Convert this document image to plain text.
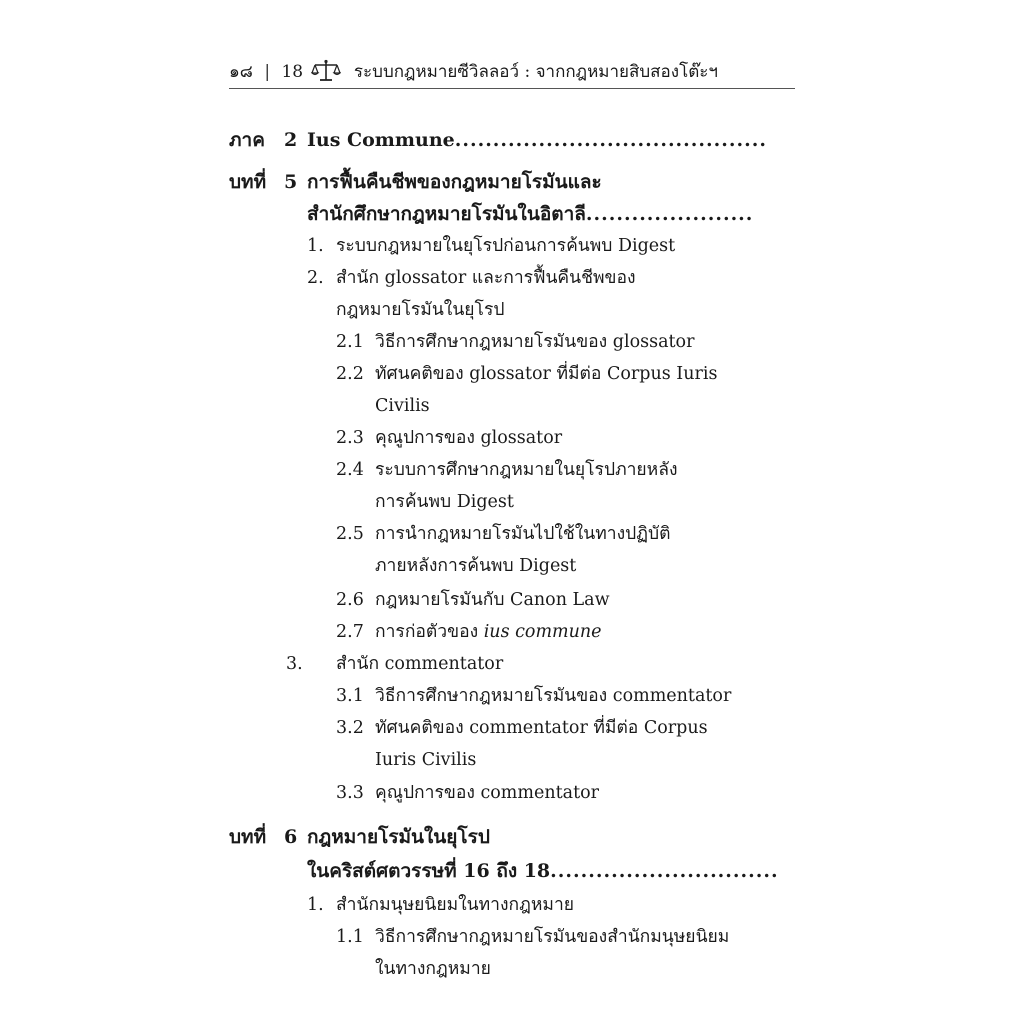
๑๘ | 18	ระบบกฎหมายซีวิลลอว์ : จากกฎหมายสิบสองโต๊ะฯ
ภาค 2 Ius Commune.........................................
บทที่ 5 การฟื้นคืนชีพของกฎหมายโรมันและ
สำนักศึกษากฎหมายโรมันในอิตาลี......................
1. ระบบกฎหมายในยุโรปก่อนการค้นพบ Digest
2. สำนัก glossator และการฟื้นคืนชีพของ
กฎหมายโรมันในยุโรป
2.1 วิธีการศึกษากฎหมายโรมันของ glossator
2.2 ทัศนคติของ glossator ที่มีต่อ Corpus Iuris
Civilis
2.3 คุณูปการของ glossator
2.4 ระบบการศึกษากฎหมายในยุโรปภายหลัง
การค้นพบ Digest
2.5 การนำกฎหมายโรมันไปใช้ในทางปฏิบัติ
ภายหลังการค้นพบ Digest
2.6 กฎหมายโรมันกับ Canon Law
2.7 การก่อตัวของ ius commune
3. สำนัก commentator
3.1 วิธีการศึกษากฎหมายโรมันของ commentator
3.2 ทัศนคติของ commentator ที่มีต่อ Corpus
Iuris Civilis
3.3 คุณูปการของ commentator
บทที่ 6 กฎหมายโรมันในยุโรป
ในคริสต์ศตวรรษที่ 16 ถึง 18..............................
1. สำนักมนุษยนิยมในทางกฎหมาย
1.1 วิธีการศึกษากฎหมายโรมันของสำนักมนุษยนิยม
ในทางกฎหมาย
